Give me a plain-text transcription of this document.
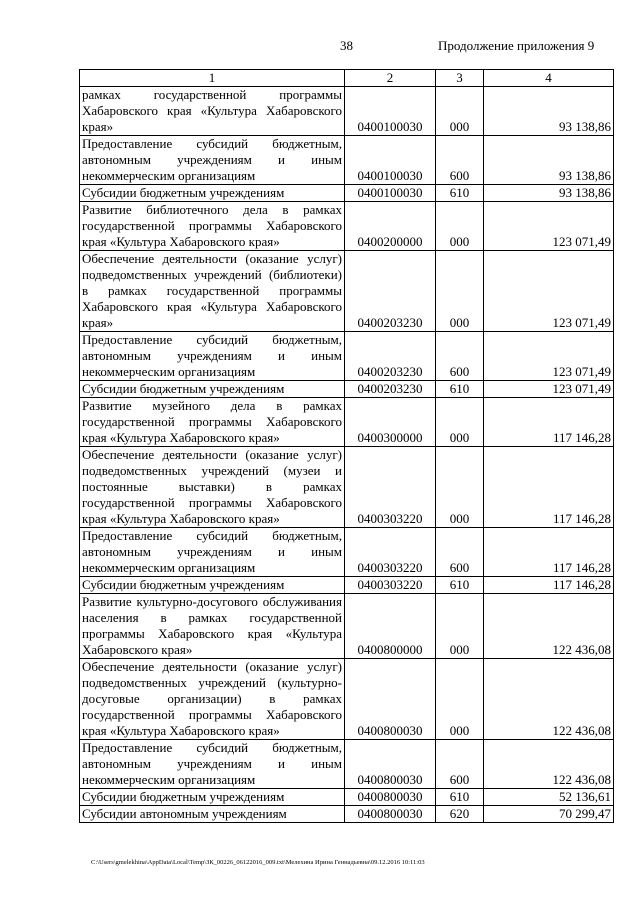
38	Продолжение приложения 9
1	2	3	4
рамках государственной программы Хабаровского края «Культура Хабаровского края»	0400100030	000	93 138,86
Предоставление субсидий бюджетным, автономным учреждениям и иным некоммерческим организациям	0400100030	600	93 138,86
Субсидии бюджетным учреждениям	0400100030	610	93 138,86
Развитие библиотечного дела в рамках государственной программы Хабаровского края «Культура Хабаровского края»	0400200000	000	123 071,49
Обеспечение деятельности (оказание услуг) подведомственных учреждений (библиотеки) в рамках государственной программы Хабаровского края «Культура Хабаровского края»	0400203230	000	123 071,49
Предоставление субсидий бюджетным, автономным учреждениям и иным некоммерческим организациям	0400203230	600	123 071,49
Субсидии бюджетным учреждениям	0400203230	610	123 071,49
Развитие музейного дела в рамках государственной программы Хабаровского края «Культура Хабаровского края»	0400300000	000	117 146,28
Обеспечение деятельности (оказание услуг) подведомственных учреждений (музеи и постоянные выставки) в рамках государственной программы Хабаровского края «Культура Хабаровского края»	0400303220	000	117 146,28
Предоставление субсидий бюджетным, автономным учреждениям и иным некоммерческим организациям	0400303220	600	117 146,28
Субсидии бюджетным учреждениям	0400303220	610	117 146,28
Развитие культурно-досугового обслуживания населения в рамках государственной программы Хабаровского края «Культура Хабаровского края»	0400800000	000	122 436,08
Обеспечение деятельности (оказание услуг) подведомственных учреждений (культурно-досуговые организации) в рамках государственной программы Хабаровского края «Культура Хабаровского края»	0400800030	000	122 436,08
Предоставление субсидий бюджетным, автономным учреждениям и иным некоммерческим организациям	0400800030	600	122 436,08
Субсидии бюджетным учреждениям	0400800030	610	52 136,61
Субсидии автономным учреждениям	0400800030	620	70 299,47
C:\Users\gmelekhina\AppData\Local\Temp\ЗК_00226_06122016_009.txt\Мелехина Ирина Геннадьевна\09.12.2016 10:11:03
